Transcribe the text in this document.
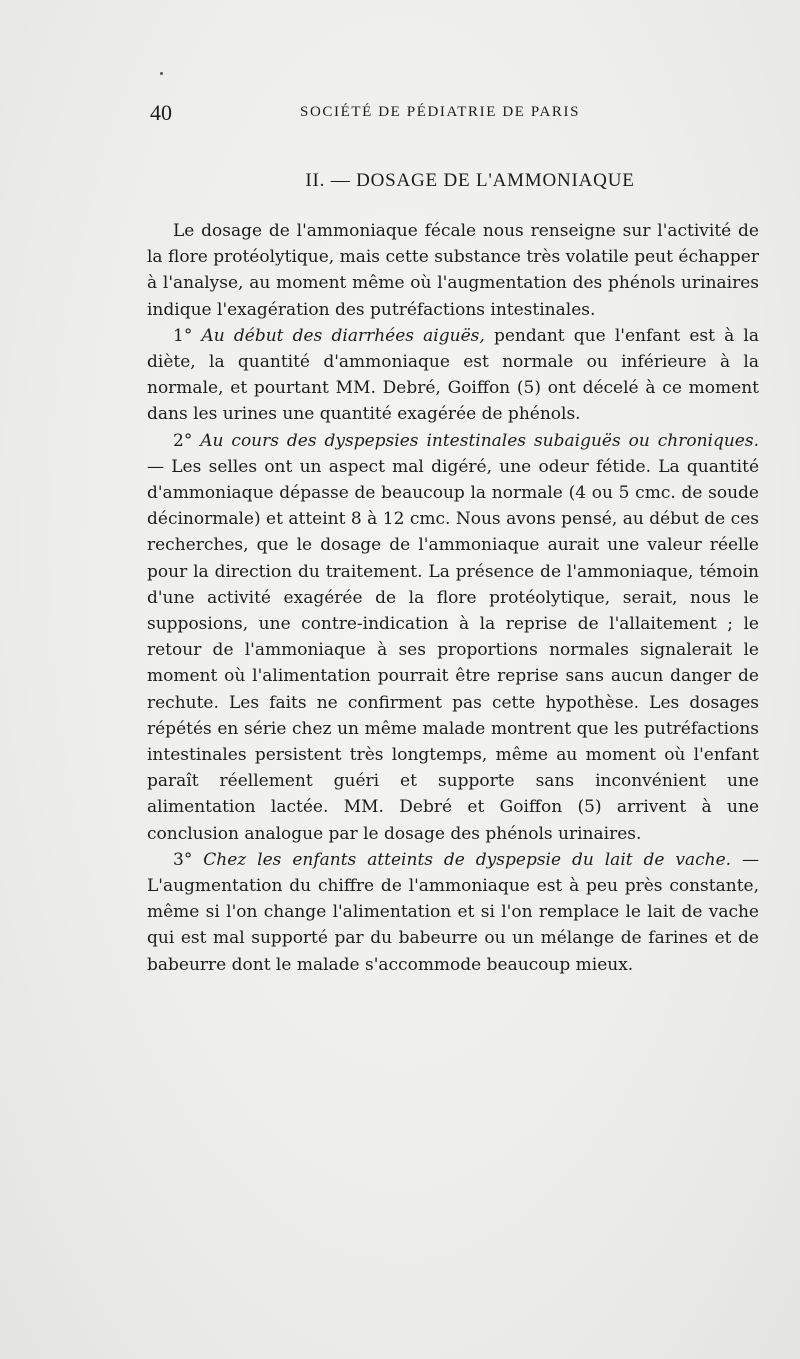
40	SOCIÉTÉ DE PÉDIATRIE DE PARIS
II. — DOSAGE DE L'AMMONIAQUE

Le dosage de l'ammoniaque fécale nous renseigne sur l'activité de la flore protéolytique, mais cette substance très volatile peut échapper à l'analyse, au moment même où l'augmentation des phénols urinaires indique l'exagération des putréfactions intestinales.

1° Au début des diarrhées aiguës, pendant que l'enfant est à la diète, la quantité d'ammoniaque est normale ou inférieure à la normale, et pourtant MM. Debré, Goiffon (5) ont décelé à ce moment dans les urines une quantité exagérée de phénols.

2° Au cours des dyspepsies intestinales subaiguës ou chroniques. — Les selles ont un aspect mal digéré, une odeur fétide. La quantité d'ammoniaque dépasse de beaucoup la normale (4 ou 5 cmc. de soude décinormale) et atteint 8 à 12 cmc. Nous avons pensé, au début de ces recherches, que le dosage de l'ammoniaque aurait une valeur réelle pour la direction du traitement. La présence de l'ammoniaque, témoin d'une activité exagérée de la flore protéolytique, serait, nous le supposions, une contre-indication à la reprise de l'allaitement ; le retour de l'ammoniaque à ses proportions normales signalerait le moment où l'alimentation pourrait être reprise sans aucun danger de rechute. Les faits ne confirment pas cette hypothèse. Les dosages répétés en série chez un même malade montrent que les putréfactions intestinales persistent très longtemps, même au moment où l'enfant paraît réellement guéri et supporte sans inconvénient une alimentation lactée. MM. Debré et Goiffon (5) arrivent à une conclusion analogue par le dosage des phénols urinaires.

3° Chez les enfants atteints de dyspepsie du lait de vache. — L'augmentation du chiffre de l'ammoniaque est à peu près constante, même si l'on change l'alimentation et si l'on remplace le lait de vache qui est mal supporté par du babeurre ou un mélange de farines et de babeurre dont le malade s'accommode beaucoup mieux.
